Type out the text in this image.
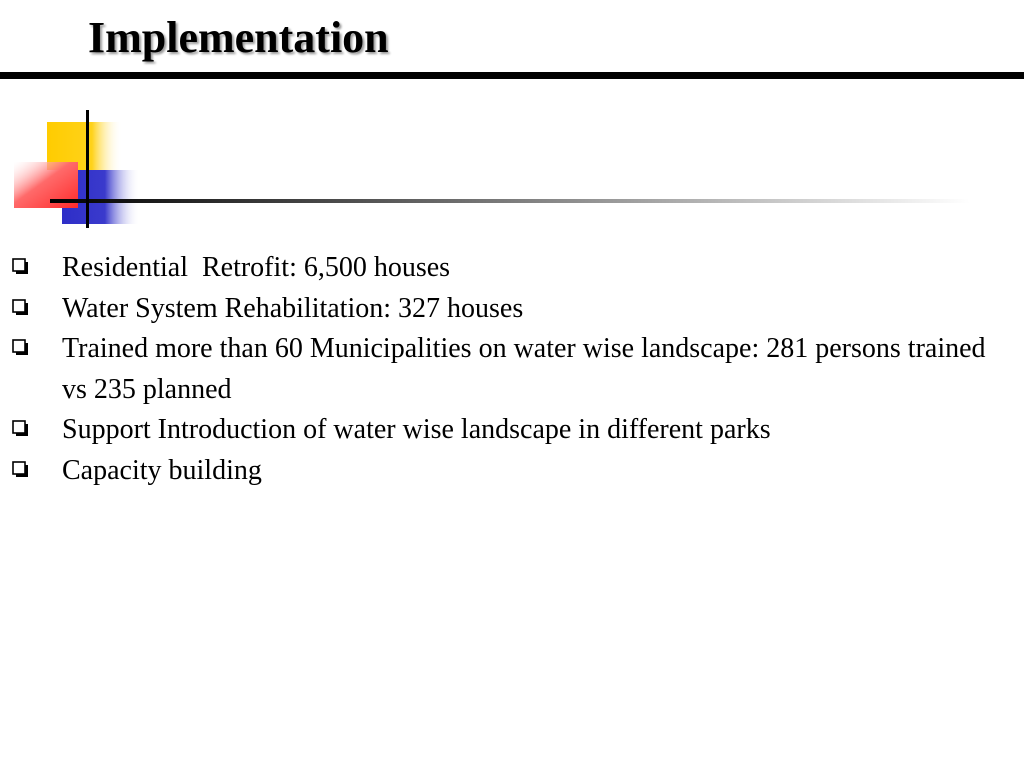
Implementation
Residential  Retrofit: 6,500 houses
Water System Rehabilitation: 327 houses
Trained more than 60 Municipalities on water wise landscape: 281 persons trained vs 235 planned
Support Introduction of water wise landscape in different parks
Capacity building
